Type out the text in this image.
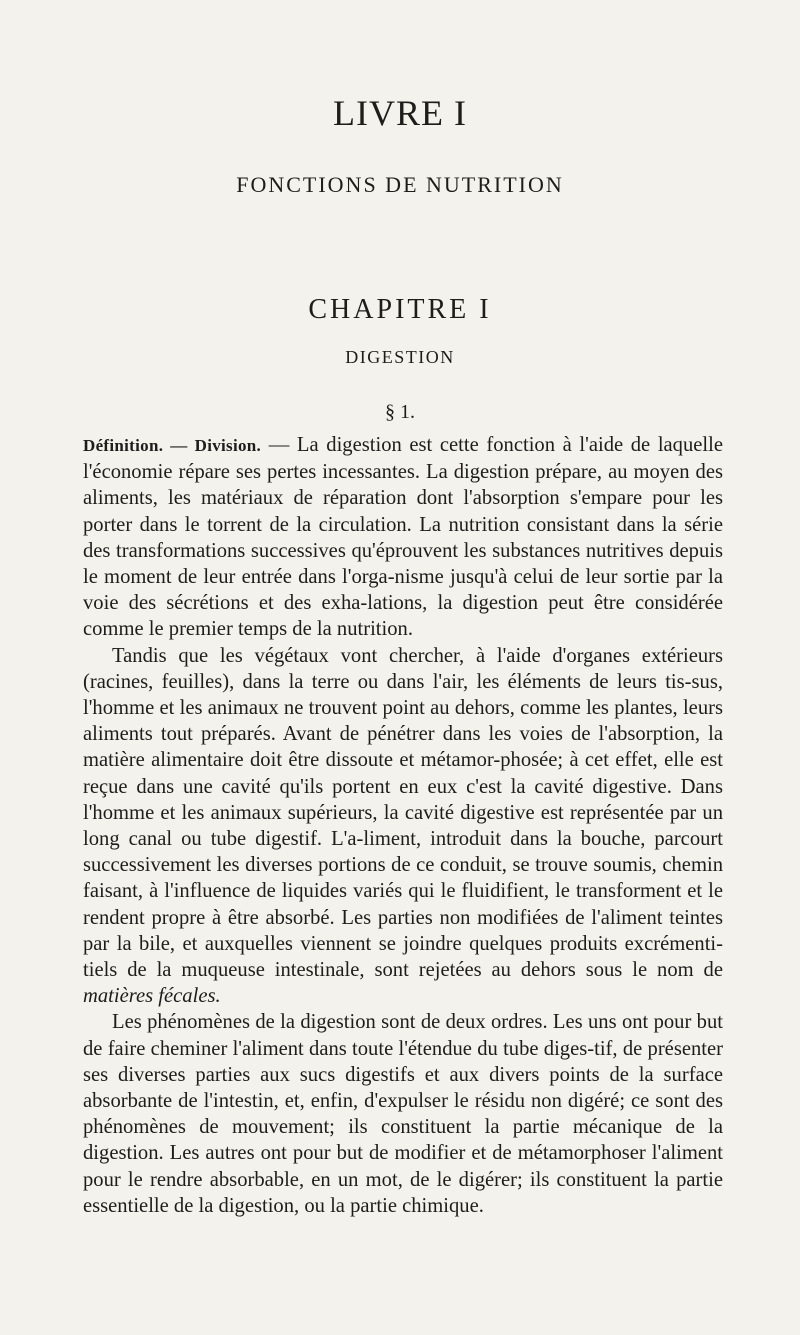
LIVRE I
FONCTIONS DE NUTRITION
CHAPITRE I
DIGESTION
§ 1.

Définition. — Division. — La digestion est cette fonction à l'aide de laquelle l'économie répare ses pertes incessantes. La digestion prépare, au moyen des aliments, les matériaux de réparation dont l'absorption s'empare pour les porter dans le torrent de la circulation. La nutrition consistant dans la série des transformations successives qu'éprouvent les substances nutritives depuis le moment de leur entrée dans l'orga-nisme jusqu'à celui de leur sortie par la voie des sécrétions et des exha-lations, la digestion peut être considérée comme le premier temps de la nutrition.

Tandis que les végétaux vont chercher, à l'aide d'organes extérieurs (racines, feuilles), dans la terre ou dans l'air, les éléments de leurs tis-sus, l'homme et les animaux ne trouvent point au dehors, comme les plantes, leurs aliments tout préparés. Avant de pénétrer dans les voies de l'absorption, la matière alimentaire doit être dissoute et métamor-phosée; à cet effet, elle est reçue dans une cavité qu'ils portent en eux c'est la cavité digestive. Dans l'homme et les animaux supérieurs, la cavité digestive est représentée par un long canal ou tube digestif. L'a-liment, introduit dans la bouche, parcourt successivement les diverses portions de ce conduit, se trouve soumis, chemin faisant, à l'influence de liquides variés qui le fluidifient, le transforment et le rendent propre à être absorbé. Les parties non modifiées de l'aliment teintes par la bile, et auxquelles viennent se joindre quelques produits excrémenti-tiels de la muqueuse intestinale, sont rejetées au dehors sous le nom de matières fécales.

Les phénomènes de la digestion sont de deux ordres. Les uns ont pour but de faire cheminer l'aliment dans toute l'étendue du tube diges-tif, de présenter ses diverses parties aux sucs digestifs et aux divers points de la surface absorbante de l'intestin, et, enfin, d'expulser le résidu non digéré; ce sont des phénomènes de mouvement; ils constituent la partie mécanique de la digestion. Les autres ont pour but de modifier et de métamorphoser l'aliment pour le rendre absorbable, en un mot, de le digérer; ils constituent la partie essentielle de la digestion, ou la partie chimique.
